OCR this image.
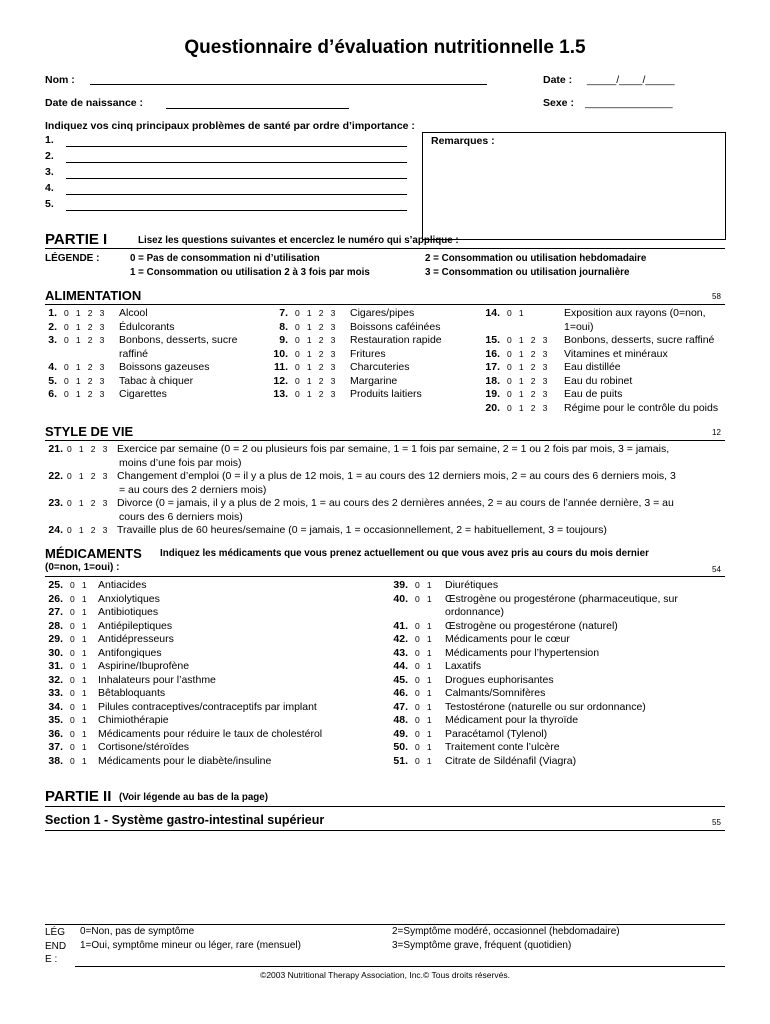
Questionnaire d’évaluation nutritionnelle 1.5
Nom :	Date : _____/____/_____
Date de naissance :	Sexe : _______________
Indiquez vos cinq principaux problèmes de santé par ordre d’importance :
1.
2.
3.
4.
5.
Remarques :
PARTIE I	Lisez les questions suivantes et encerclez le numéro qui s’applique :
LÉGENDE :	0 = Pas de consommation ni d’utilisation
1 = Consommation ou utilisation 2 à 3 fois par mois
2 = Consommation ou utilisation hebdomadaire
3 = Consommation ou utilisation journalière
ALIMENTATION	58
1. 0 1 2 3 Alcool
2. 0 1 2 3 Édulcorants
3. 0 1 2 3 Bonbons, desserts, sucre
raffiné
4. 0 1 2 3 Boissons gazeuses
5. 0 1 2 3 Tabac à chiquer
6. 0 1 2 3 Cigarettes
7. 0 1 2 3 Cigares/pipes
8. 0 1 2 3 Boissons caféinées
9. 0 1 2 3 Restauration rapide
10. 0 1 2 3 Fritures
11. 0 1 2 3 Charcuteries
12. 0 1 2 3 Margarine
13. 0 1 2 3 Produits laitiers
14. 0 1	Exposition aux rayons (0=non,
1=oui)
15. 0 1 2 3 Bonbons, desserts, sucre raffiné
16. 0 1 2 3 Vitamines et minéraux
17. 0 1 2 3 Eau distillée
18. 0 1 2 3 Eau du robinet
19. 0 1 2 3 Eau de puits
20. 0 1 2 3 Régime pour le contrôle du poids
STYLE DE VIE	12
21. 0 1 2 3 Exercice par semaine (0 = 2 ou plusieurs fois par semaine, 1 = 1 fois par semaine, 2 = 1 ou 2 fois par mois, 3 = jamais,
moins d’une fois par mois)
22. 0 1 2 3 Changement d’emploi (0 = il y a plus de 12 mois, 1 = au cours des 12 derniers mois, 2 = au cours des 6 derniers mois, 3
= au cours des 2 derniers mois)
23. 0 1 2 3 Divorce (0 = jamais, il y a plus de 2 mois, 1 = au cours des 2 dernières années, 2 = au cours de l’année dernière, 3 = au
cours des 6 derniers mois)
24. 0 1 2 3 Travaille plus de 60 heures/semaine (0 = jamais, 1 = occasionnellement, 2 = habituellement, 3 = toujours)
MÉDICAMENTS Indiquez les médicaments que vous prenez actuellement ou que vous avez pris au cours du mois dernier
(0=non, 1=oui) :	54
25. 0 1 Antiacides
26. 0 1 Anxiolytiques
27. 0 1 Antibiotiques
28. 0 1 Antiépileptiques
29. 0 1 Antidépresseurs
30. 0 1 Antifongiques
31. 0 1 Aspirine/Ibuprofène
32. 0 1 Inhalateurs pour l’asthme
33. 0 1 Bêtabloquants
34. 0 1 Pilules contraceptives/contraceptifs par implant
35. 0 1 Chimiothérapie
36. 0 1 Médicaments pour réduire le taux de cholestérol
37. 0 1 Cortisone/stéroïdes
38. 0 1 Médicaments pour le diabète/insuline
39. 0 1 Diurétiques
40. 0 1 Œstrogène ou progestérone (pharmaceutique, sur
ordonnance)
41. 0 1 Œstrogène ou progestérone (naturel)
42. 0 1 Médicaments pour le cœur
43. 0 1 Médicaments pour l’hypertension
44. 0 1 Laxatifs
45. 0 1 Drogues euphorisantes
46. 0 1 Calmants/Somnifères
47. 0 1 Testostérone (naturelle ou sur ordonnance)
48. 0 1 Médicament pour la thyroïde
49. 0 1 Paracétamol (Tylenol)
50. 0 1 Traitement conte l’ulcère
51. 0 1 Citrate de Sildénafil (Viagra)
PARTIE II (Voir légende au bas de la page)
Section 1 - Système gastro-intestinal supérieur	55
LÉG
END
E :
0=Non, pas de symptôme
1=Oui, symptôme mineur ou léger, rare (mensuel)
2=Symptôme modéré, occasionnel (hebdomadaire)
3=Symptôme grave, fréquent (quotidien)
©2003 Nutritional Therapy Association, Inc.© Tous droits réservés.
